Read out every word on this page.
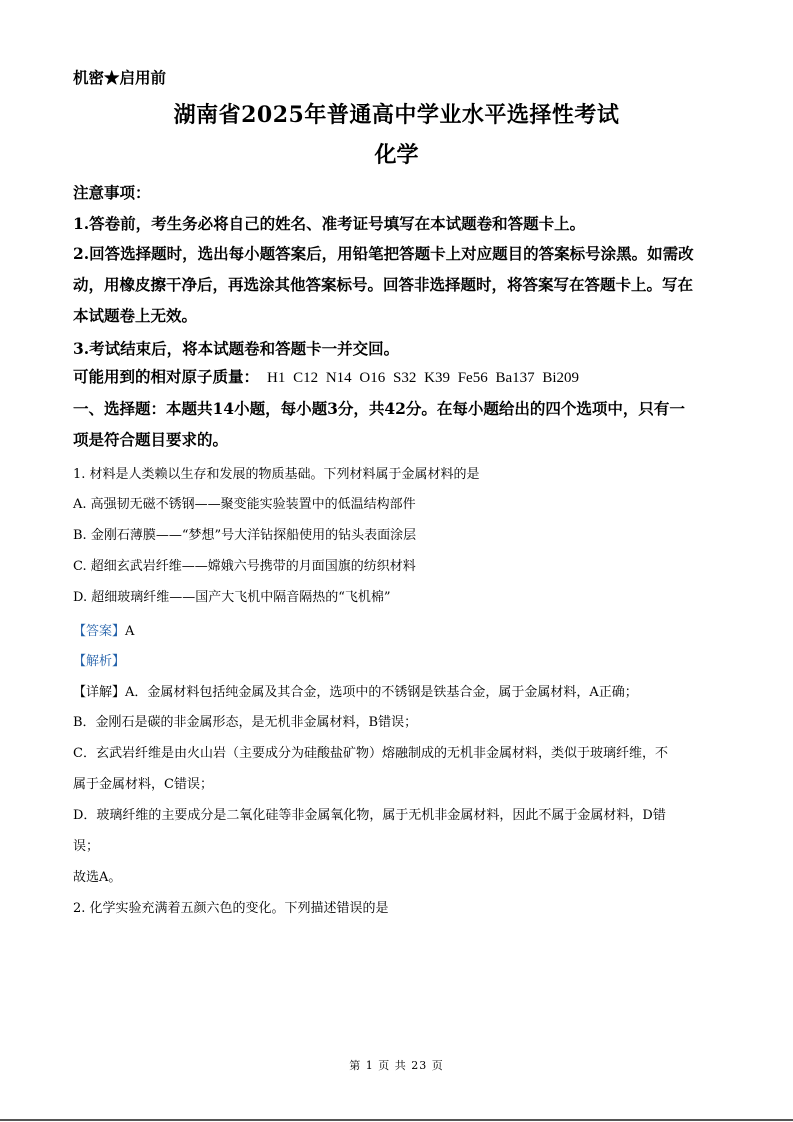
机密★启用前
湖南省2025年普通高中学业水平选择性考试
化学
注意事项：
1.答卷前，考生务必将自己的姓名、准考证号填写在本试题卷和答题卡上。
2.回答选择题时，选出每小题答案后，用铅笔把答题卡上对应题目的答案标号涂黑。如需改
动，用橡皮擦干净后，再选涂其他答案标号。回答非选择题时，将答案写在答题卡上。写在
本试题卷上无效。
3.考试结束后，将本试题卷和答题卡一并交回。
可能用到的相对原子质量： H1 C12 N14 O16 S32 K39 Fe56 Ba137 Bi209
一、选择题：本题共14小题，每小题3分，共42分。在每小题给出的四个选项中，只有一
项是符合题目要求的。
1. 材料是人类赖以生存和发展的物质基础。下列材料属于金属材料的是
A. 高强韧无磁不锈钢——聚变能实验装置中的低温结构部件
B. 金刚石薄膜——“梦想”号大洋钻探船使用的钻头表面涂层
C. 超细玄武岩纤维——嫦娥六号携带的月面国旗的纺织材料
D. 超细玻璃纤维——国产大飞机中隔音隔热的“飞机棉”
【答案】A
【解析】
【详解】A．金属材料包括纯金属及其合金，选项中的不锈钢是铁基合金，属于金属材料，A正确；
B．金刚石是碳的非金属形态，是无机非金属材料，B错误；
C．玄武岩纤维是由火山岩（主要成分为硅酸盐矿物）熔融制成的无机非金属材料，类似于玻璃纤维，不
属于金属材料，C错误；
D．玻璃纤维的主要成分是二氧化硅等非金属氧化物，属于无机非金属材料，因此不属于金属材料，D错
误；
故选A。
2. 化学实验充满着五颜六色的变化。下列描述错误的是
第 1 页 共 23 页
